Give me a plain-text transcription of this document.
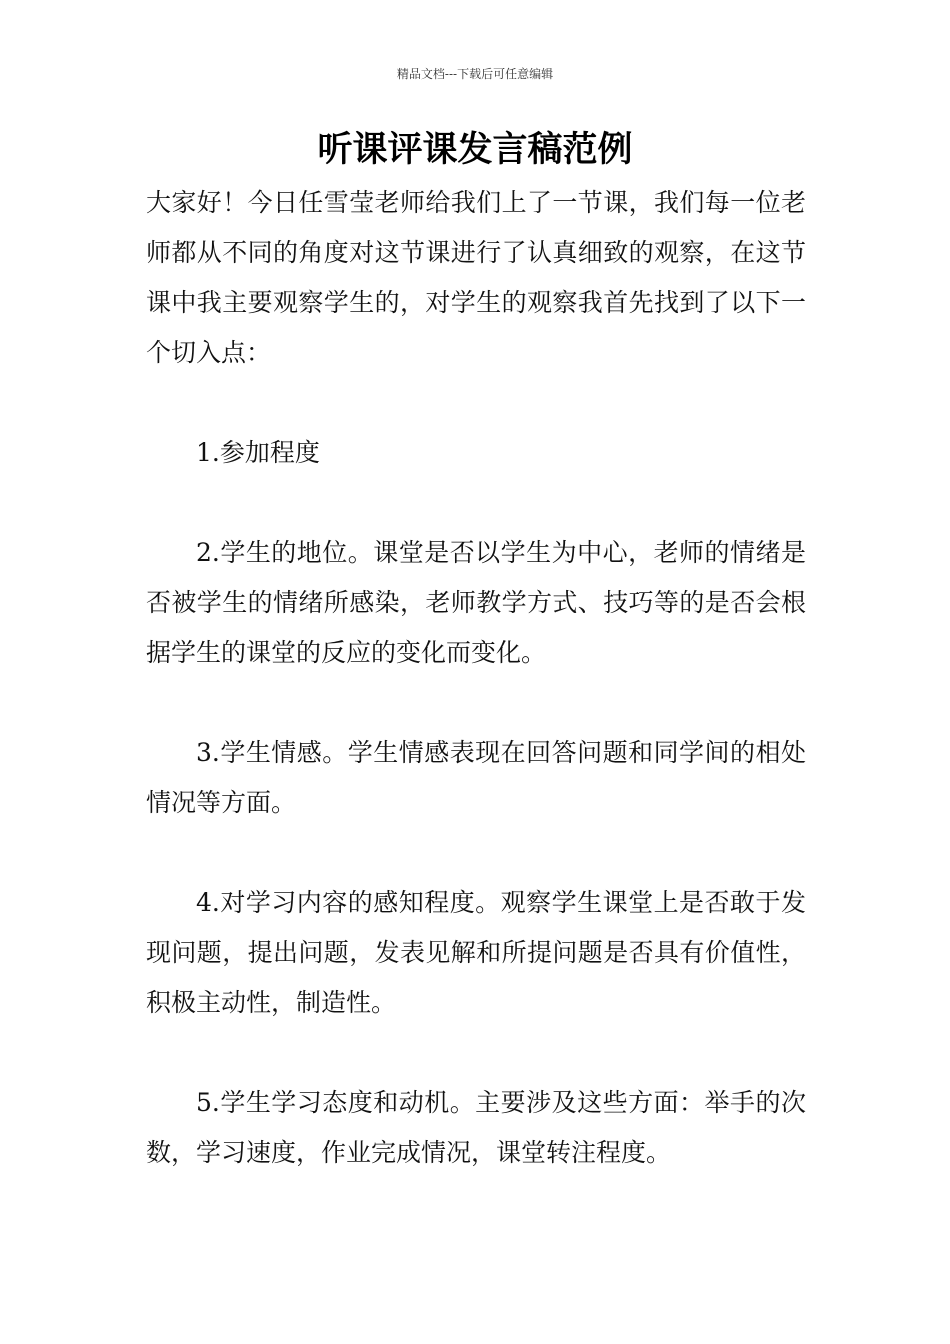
精品文档---下载后可任意编辑
听课评课发言稿范例

大家好！今日任雪莹老师给我们上了一节课，我们每一位老师都从不同的角度对这节课进行了认真细致的观察，在这节课中我主要观察学生的，对学生的观察我首先找到了以下一个切入点：

1.参加程度

2.学生的地位。课堂是否以学生为中心，老师的情绪是否被学生的情绪所感染，老师教学方式、技巧等的是否会根据学生的课堂的反应的变化而变化。

3.学生情感。学生情感表现在回答问题和同学间的相处情况等方面。

4.对学习内容的感知程度。观察学生课堂上是否敢于发现问题，提出问题，发表见解和所提问题是否具有价值性，积极主动性，制造性。

5.学生学习态度和动机。主要涉及这些方面：举手的次数，学习速度，作业完成情况，课堂转注程度。
